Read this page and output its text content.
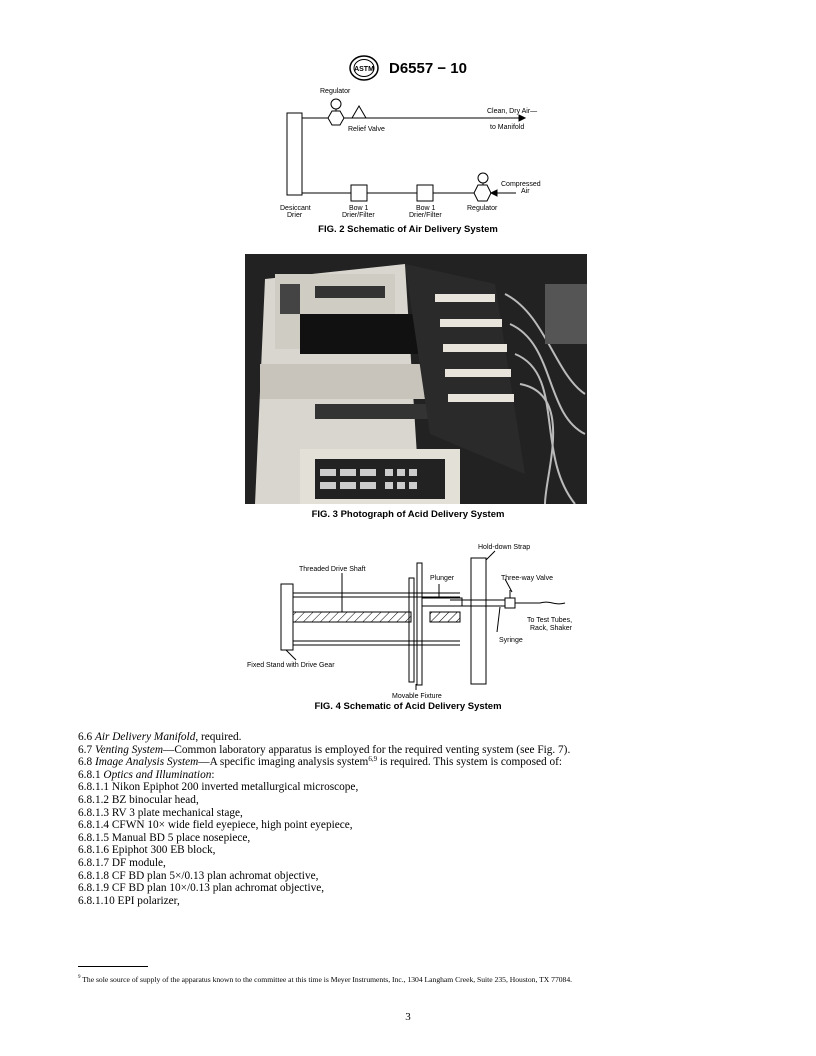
ASTM D6557 − 10
Regulator
Relief Valve
Clean, Dry Air—
to Manifold
Desiccant
Drier
Bow 1
Drier/Filter
Bow 1
Drier/Filter
Regulator
Compressed
Air
FIG. 2 Schematic of Air Delivery System
FIG. 3 Photograph of Acid Delivery System
Hold-down Strap
Threaded Drive Shaft
Plunger	Three-way Valve
To Test Tubes,
Rack, Shaker
Syringe
Fixed Stand with Drive Gear
Movable Fixture
FIG. 4 Schematic of Acid Delivery System
6.6 Air Delivery Manifold, required.
6.7 Venting System—Common laboratory apparatus is employed for the required venting system (see Fig. 7).
6.8 Image Analysis System—A specific imaging analysis system$^{6,9}$ is required. This system is composed of:
6.8.1 Optics and Illumination:
6.8.1.1 Nikon Epiphot 200 inverted metallurgical microscope,
6.8.1.2 BZ binocular head,
6.8.1.3 RV 3 plate mechanical stage,
6.8.1.4 CFWN 10× wide field eyepiece, high point eyepiece,
6.8.1.5 Manual BD 5 place nosepiece,
6.8.1.6 Epiphot 300 EB block,
6.8.1.7 DF module,
6.8.1.8 CF BD plan 5×/0.13 plan achromat objective,
6.8.1.9 CF BD plan 10×/0.13 plan achromat objective,
6.8.1.10 EPI polarizer,
$^9$ The sole source of supply of the apparatus known to the committee at this time is Meyer Instruments, Inc., 1304 Langham Creek, Suite 235, Houston, TX 77084.
3
